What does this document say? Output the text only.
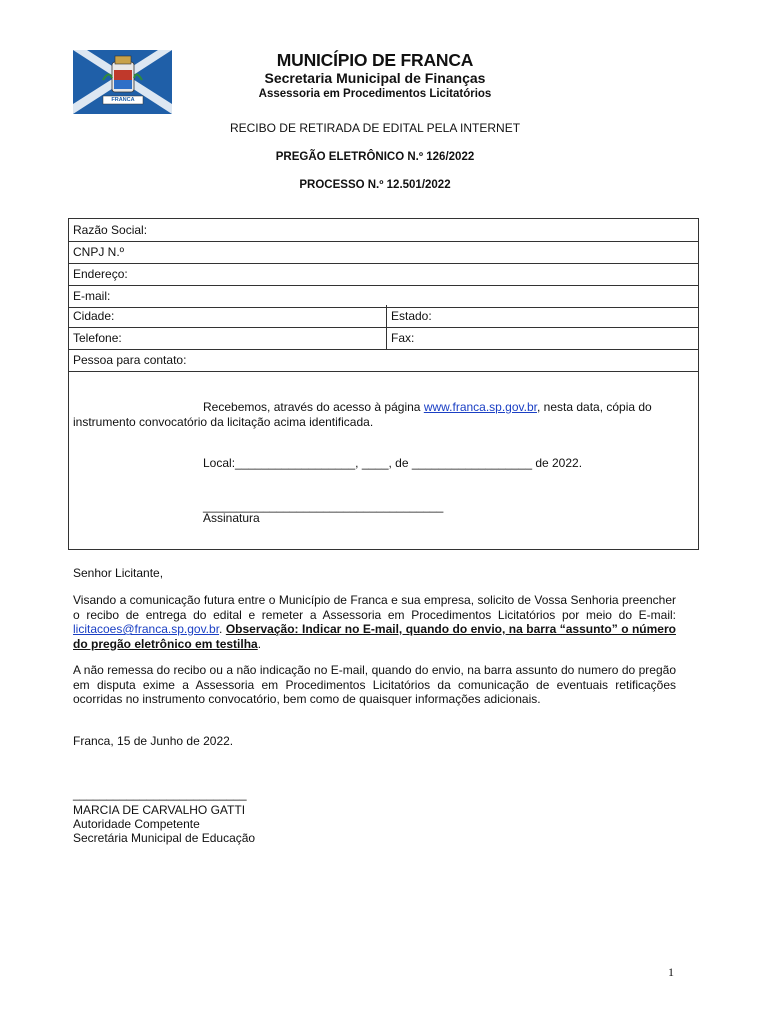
FRANCA
MUNICÍPIO DE FRANCA
Secretaria Municipal de Finanças
Assessoria em Procedimentos Licitatórios
RECIBO DE RETIRADA DE EDITAL PELA INTERNET
PREGÃO ELETRÔNICO N.º 126/2022
PROCESSO N.º 12.501/2022
Razão Social:
CNPJ N.º
Endereço:
E-mail:
Cidade:	Estado:
Telefone:	Fax:
Pessoa para contato:
Recebemos, através do acesso à página www.franca.sp.gov.br, nesta data, cópia do
instrumento convocatório da licitação acima identificada.
Local:__________________, ____, de __________________ de 2022.
____________________________________
Assinatura
Senhor Licitante,
Visando a comunicação futura entre o Município de Franca e sua empresa, solicito de Vossa Senhoria preencher o recibo de entrega do edital e remeter a Assessoria em Procedimentos Licitatórios por meio do E-mail: licitacoes@franca.sp.gov.br. Observação: Indicar no E-mail, quando do envio, na barra “assunto” o número do pregão eletrônico em testilha.
A não remessa do recibo ou a não indicação no E-mail, quando do envio, na barra assunto do numero do pregão em disputa exime a Assessoria em Procedimentos Licitatórios da comunicação de eventuais retificações ocorridas no instrumento convocatório, bem como de quaisquer informações adicionais.
Franca, 15 de Junho de 2022.
__________________________
MARCIA DE CARVALHO GATTI
Autoridade Competente
Secretária Municipal de Educação
1
